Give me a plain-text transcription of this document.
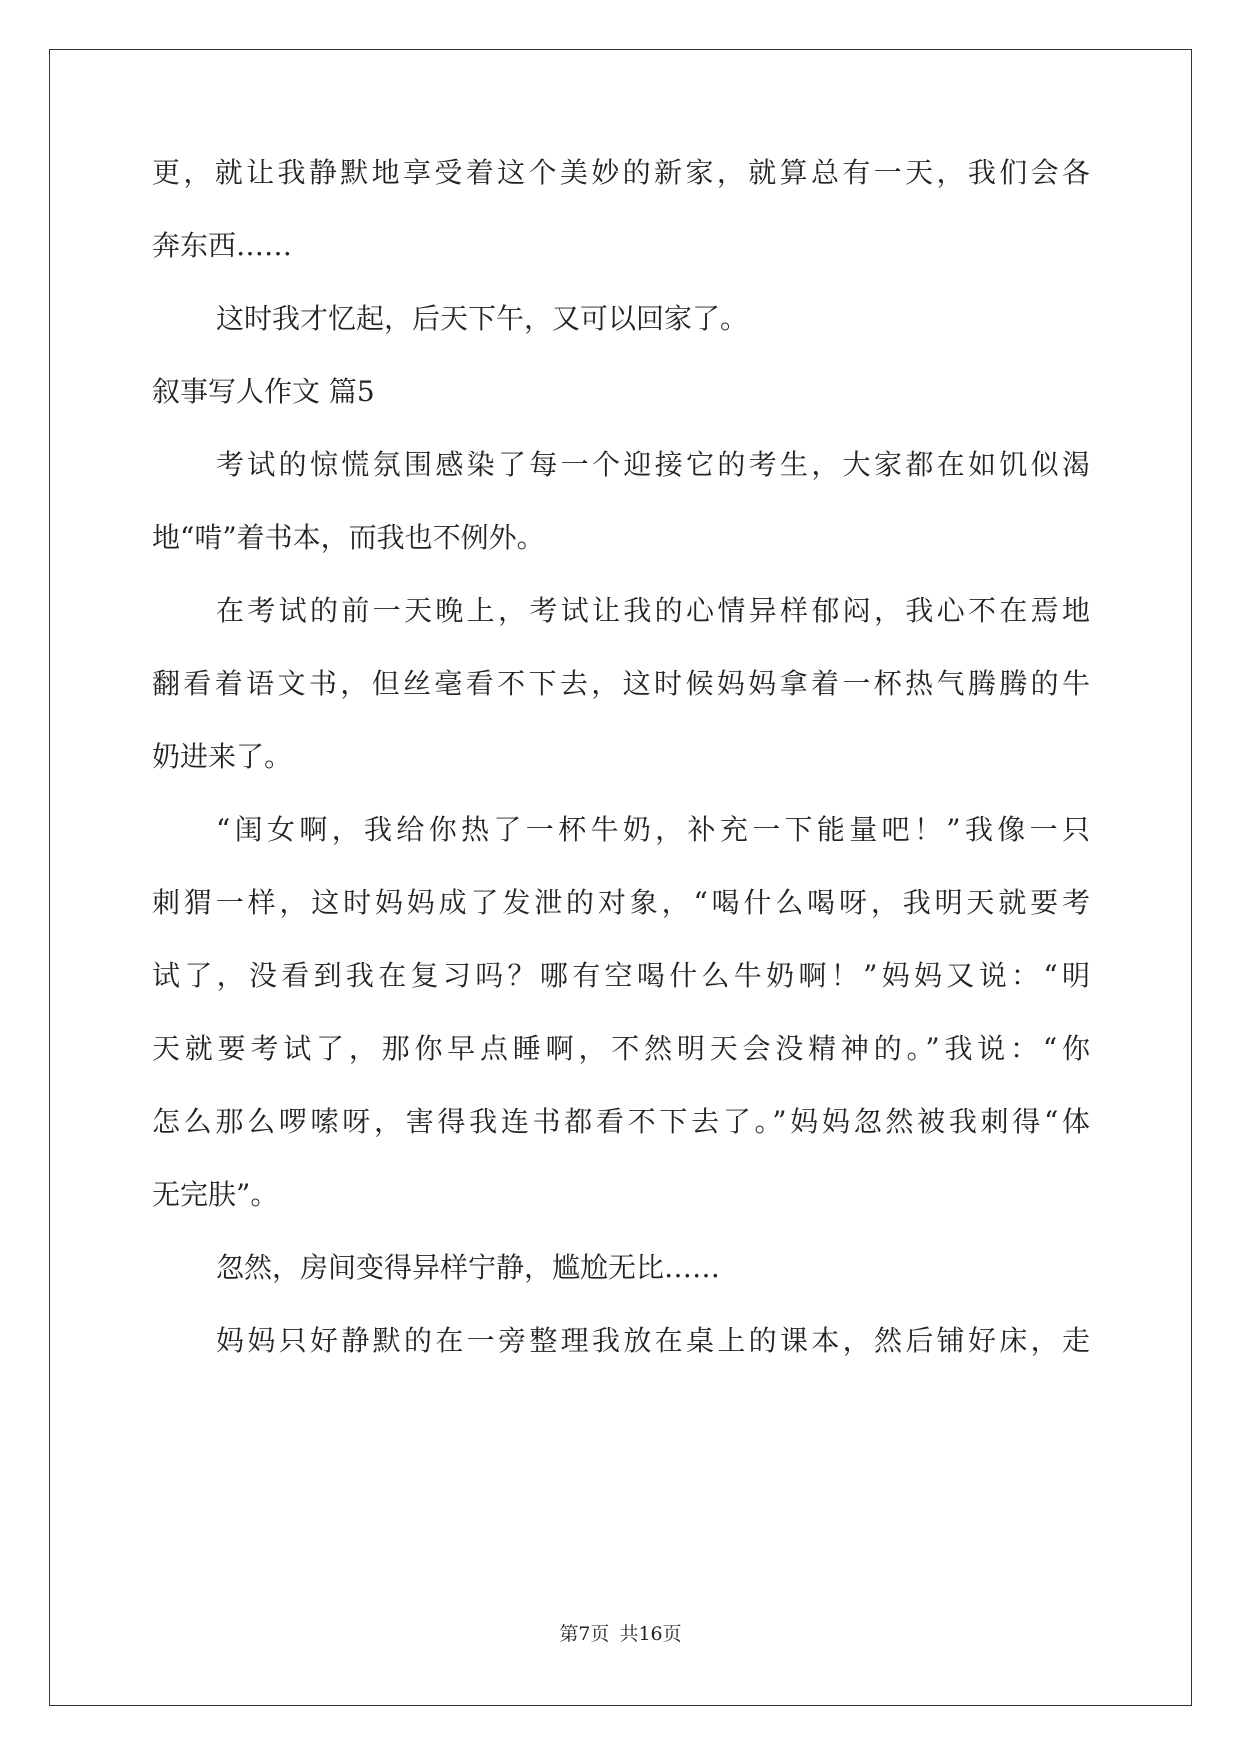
更，就让我静默地享受着这个美妙的新家，就算总有一天，我们会各
奔东西……
这时我才忆起，后天下午，又可以回家了。
叙事写人作文 篇5
考试的惊慌氛围感染了每一个迎接它的考生，大家都在如饥似渴
地“啃”着书本，而我也不例外。
在考试的前一天晚上，考试让我的心情异样郁闷，我心不在焉地
翻看着语文书，但丝毫看不下去，这时候妈妈拿着一杯热气腾腾的牛
奶进来了。
“闺女啊，我给你热了一杯牛奶，补充一下能量吧！”我像一只
刺猬一样，这时妈妈成了发泄的对象，“喝什么喝呀，我明天就要考
试了，没看到我在复习吗？哪有空喝什么牛奶啊！”妈妈又说：“明
天就要考试了，那你早点睡啊，不然明天会没精神的。”我说：“你
怎么那么啰嗦呀，害得我连书都看不下去了。”妈妈忽然被我刺得“体
无完肤”。
忽然，房间变得异样宁静，尴尬无比……
妈妈只好静默的在一旁整理我放在桌上的课本，然后铺好床，走
第7页 共16页
